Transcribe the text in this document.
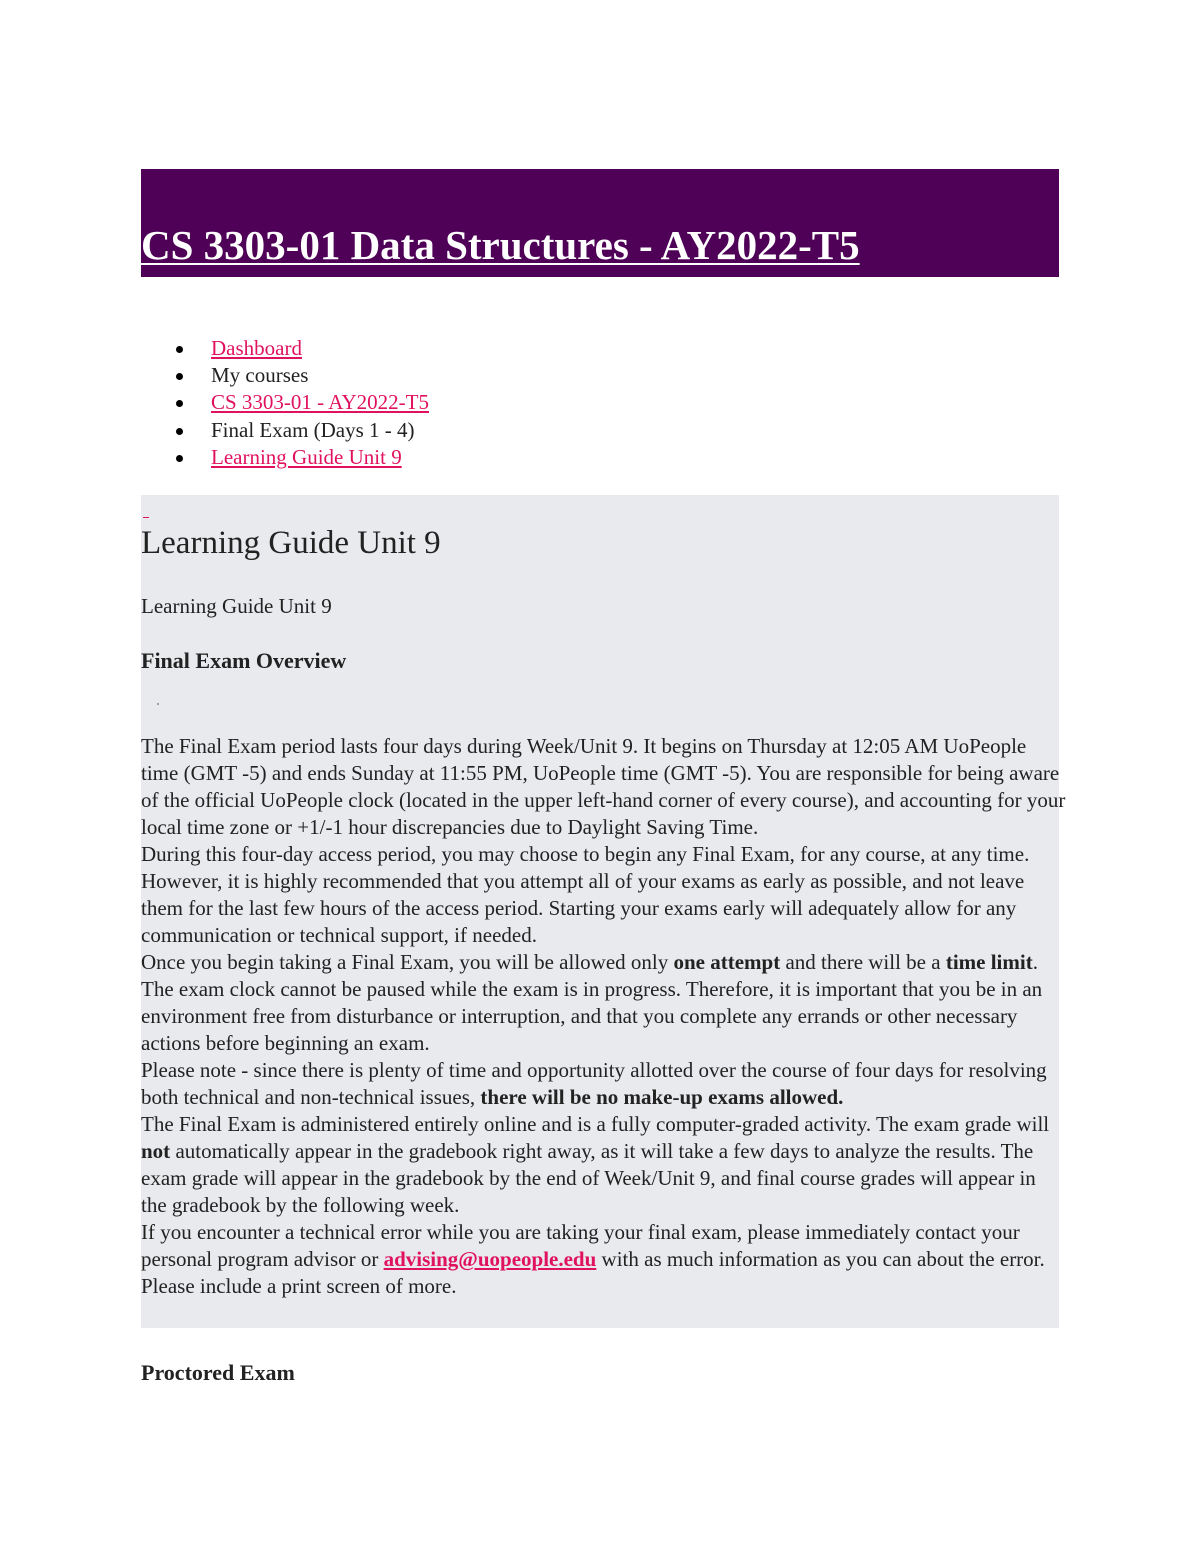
CS 3303-01 Data Structures - AY2022-T5
Dashboard
My courses
CS 3303-01 - AY2022-T5
Final Exam (Days 1 - 4)
Learning Guide Unit 9
Learning Guide Unit 9
Learning Guide Unit 9
Final Exam Overview

The Final Exam period lasts four days during Week/Unit 9. It begins on Thursday at 12:05 AM UoPeople time (GMT -5) and ends Sunday at 11:55 PM, UoPeople time (GMT -5). You are responsible for being aware of the official UoPeople clock (located in the upper left-hand corner of every course), and accounting for your local time zone or +1/-1 hour discrepancies due to Daylight Saving Time.

During this four-day access period, you may choose to begin any Final Exam, for any course, at any time. However, it is highly recommended that you attempt all of your exams as early as possible, and not leave them for the last few hours of the access period. Starting your exams early will adequately allow for any communication or technical support, if needed.

Once you begin taking a Final Exam, you will be allowed only one attempt and there will be a time limit. The exam clock cannot be paused while the exam is in progress. Therefore, it is important that you be in an environment free from disturbance or interruption, and that you complete any errands or other necessary actions before beginning an exam.

Please note - since there is plenty of time and opportunity allotted over the course of four days for resolving both technical and non-technical issues, there will be no make-up exams allowed.

The Final Exam is administered entirely online and is a fully computer-graded activity. The exam grade will not automatically appear in the gradebook right away, as it will take a few days to analyze the results. The exam grade will appear in the gradebook by the end of Week/Unit 9, and final course grades will appear in the gradebook by the following week.

If you encounter a technical error while you are taking your final exam, please immediately contact your personal program advisor or advising@uopeople.edu with as much information as you can about the error. Please include a print screen of more.

Proctored Exam
